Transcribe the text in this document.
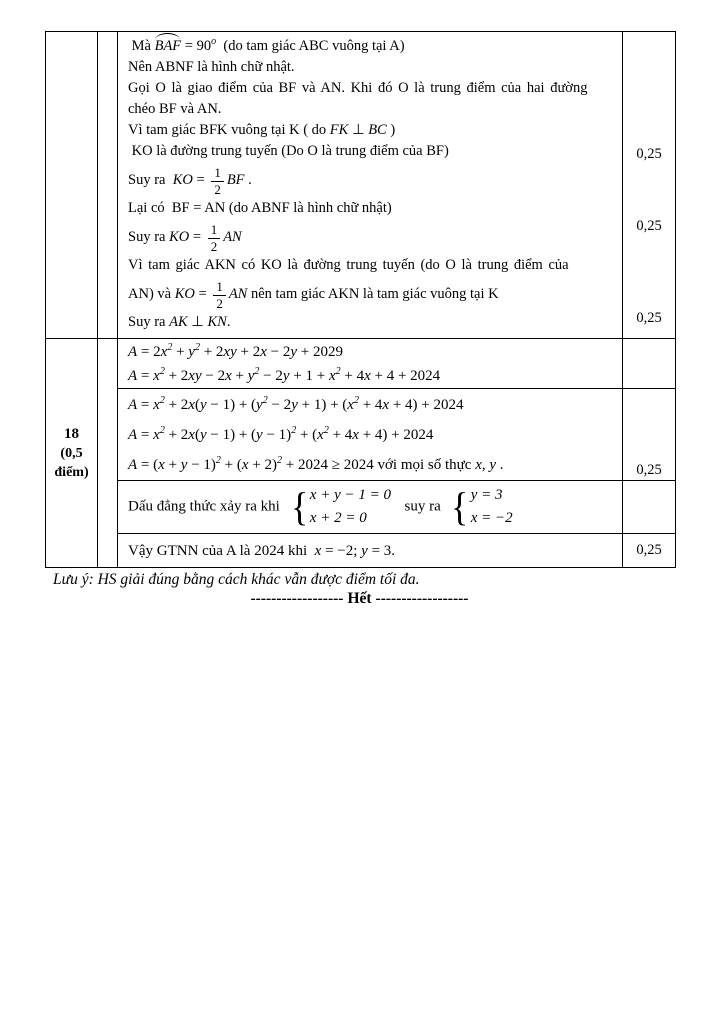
Mà BAF = $90^o$  (do tam giác ABC vuông tại A)
Nên ABNF là hình chữ nhật.
Gọi O là giao điểm của BF và AN. Khi đó O là trung điểm của hai đường
chéo BF và AN.
Vì tam giác BFK vuông tại K ( do FK ⊥ BC )
KO là đường trung tuyến (Do O là trung điểm của BF)
Suy ra  KO = $\frac{1}{2}$ BF .
Lại có  BF = AN (do ABNF là hình chữ nhật)
Suy ra KO = $\frac{1}{2}$ AN
Vì tam giác AKN có KO là đường trung tuyến (do O là trung điểm của
AN) và KO = $\frac{1}{2}$ AN nên tam giác AKN là tam giác vuông tại K
Suy ra AK ⊥ KN.
0,25
0,25
0,25
18
(0,5
điểm)
$A = 2x^2 + y^2 + 2xy + 2x - 2y + 2029$
$A = x^2 + 2xy - 2x + y^2 - 2y + 1 + x^2 + 4x + 4 + 2024$
$A = x^2 + 2x(y - 1) + (y^2 - 2y + 1) + (x^2 + 4x + 4) + 2024$
$A = x^2 + 2x(y - 1) + (y - 1)^2 + (x^2 + 4x + 4) + 2024$
$A = (x + y - 1)^2 + (x + 2)^2 + 2024 \ge 2024$ với mọi số thực x, y .	0,25
Dấu đẳng thức xảy ra khi { x + y − 1 = 0
x + 2 = 0
suy ra { y = 3
x = −2
Vậy GTNN của A là 2024 khi  x = −2; y = 3.	0,25
Lưu ý: HS giải đúng bằng cách khác vẫn được điểm tối đa.
------------------ Hết ------------------
